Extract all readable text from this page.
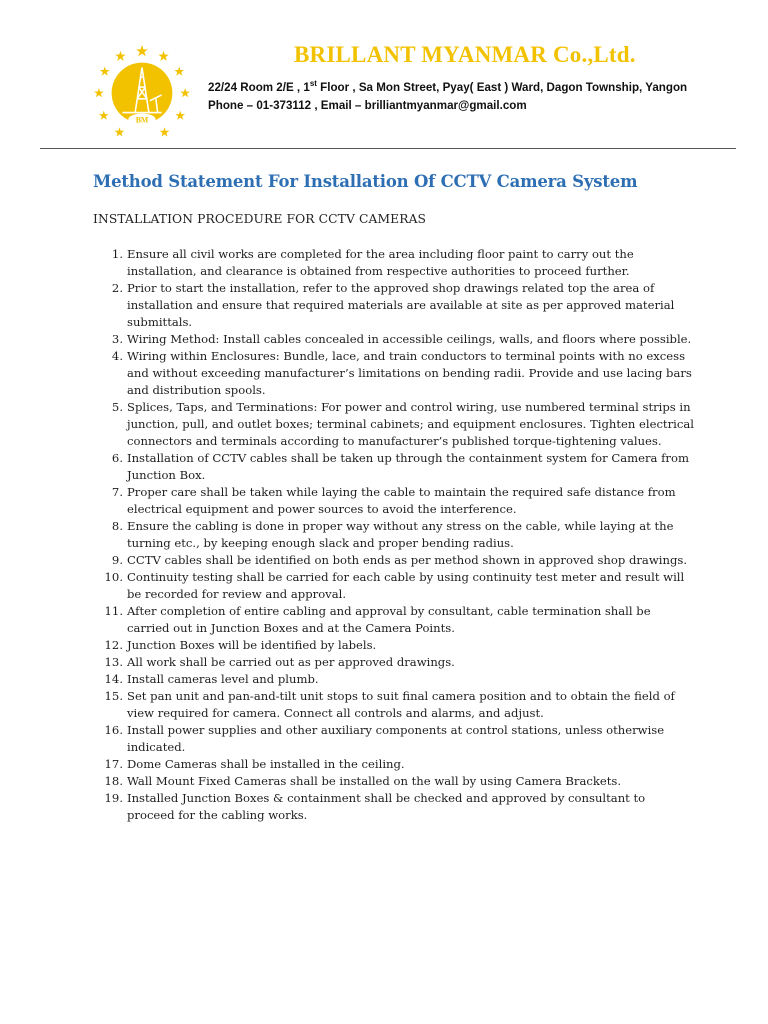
BM
BRILLANT MYANMAR Co.,Ltd.
22/24 Room 2/E , 1st Floor , Sa Mon Street, Pyay( East ) Ward, Dagon Township, Yangon
Phone – 01-373112 , Email – brilliantmyanmar@gmail.com
Method Statement For Installation Of CCTV Camera System
INSTALLATION PROCEDURE FOR CCTV CAMERAS
1 . Ensure all civil works are completed for the area including floor paint to carry out the installation, and clearance is obtained from respective authorities to proceed further.
2 . Prior to start the installation, refer to the approved shop drawings related top the area of installation and ensure that required materials are available at site as per approved material submittals.
3 . Wiring Method: Install cables concealed in accessible ceilings, walls, and floors where possible.
4 . Wiring within Enclosures: Bundle, lace, and train conductors to terminal points with no excess and without exceeding manufacturer’s limitations on bending radii. Provide and use lacing bars and distribution spools.
5 . Splices, Taps, and Terminations: For power and control wiring, use numbered terminal strips in junction, pull, and outlet boxes; terminal cabinets; and equipment enclosures. Tighten electrical connectors and terminals according to manufacturer’s published torque-tightening values.
6 . Installation of CCTV cables shall be taken up through the containment system for Camera from Junction Box.
7 . Proper care shall be taken while laying the cable to maintain the required safe distance from electrical equipment and power sources to avoid the interference.
8 . Ensure the cabling is done in proper way without any stress on the cable, while laying at the turning etc., by keeping enough slack and proper bending radius.
9 . CCTV cables shall be identified on both ends as per method shown in approved shop drawings.
10 . Continuity testing shall be carried for each cable by using continuity test meter and result will be recorded for review and approval.
11 . After completion of entire cabling and approval by consultant, cable termination shall be carried out in Junction Boxes and at the Camera Points.
12 . Junction Boxes will be identified by labels.
13 . All work shall be carried out as per approved drawings.
14 . Install cameras level and plumb.
15 . Set pan unit and pan-and-tilt unit stops to suit final camera position and to obtain the field of view required for camera. Connect all controls and alarms, and adjust.
16 . Install power supplies and other auxiliary components at control stations, unless otherwise indicated.
17 . Dome Cameras shall be installed in the ceiling.
18 . Wall Mount Fixed Cameras shall be installed on the wall by using Camera Brackets.
19 . Installed Junction Boxes & containment shall be checked and approved by consultant to proceed for the cabling works.
